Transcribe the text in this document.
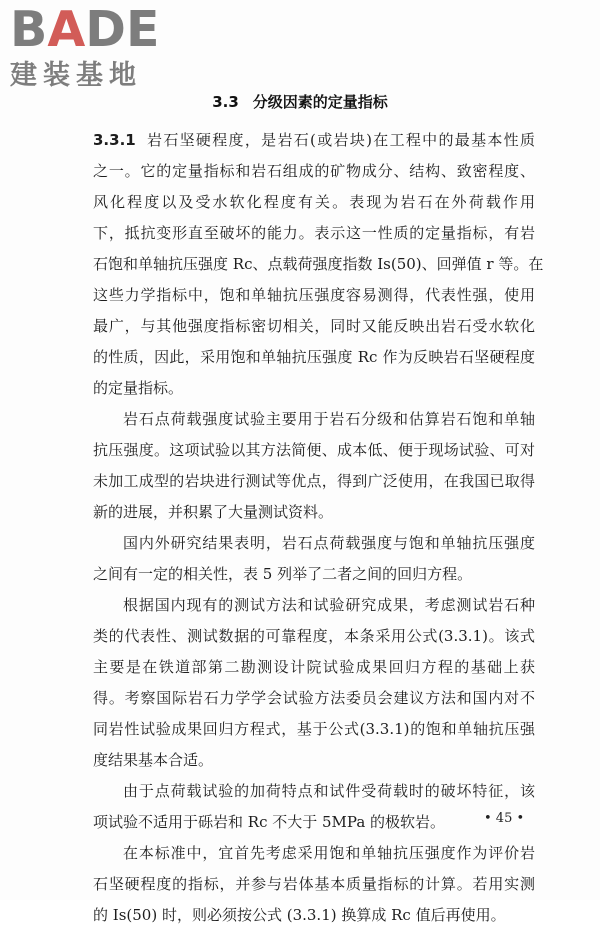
BADE
建装基地
3.3 分级因素的定量指标
3.3.1 岩石坚硬程度，是岩石(或岩块)在工程中的最基本性质
之一。它的定量指标和岩石组成的矿物成分、结构、致密程度、
风化程度以及受水软化程度有关。表现为岩石在外荷载作用
下，抵抗变形直至破坏的能力。表示这一性质的定量指标，有岩
石饱和单轴抗压强度 Rc、点载荷强度指数 Is(50)、回弹值 r 等。在
这些力学指标中，饱和单轴抗压强度容易测得，代表性强，使用
最广，与其他强度指标密切相关，同时又能反映出岩石受水软化
的性质，因此，采用饱和单轴抗压强度 Rc 作为反映岩石坚硬程度
的定量指标。
岩石点荷载强度试验主要用于岩石分级和估算岩石饱和单轴
抗压强度。这项试验以其方法简便、成本低、便于现场试验、可对
未加工成型的岩块进行测试等优点，得到广泛使用，在我国已取得
新的进展，并积累了大量测试资料。
国内外研究结果表明，岩石点荷载强度与饱和单轴抗压强度
之间有一定的相关性，表 5 列举了二者之间的回归方程。
根据国内现有的测试方法和试验研究成果，考虑测试岩石种
类的代表性、测试数据的可靠程度，本条采用公式(3.3.1)。该式
主要是在铁道部第二勘测设计院试验成果回归方程的基础上获
得。考察国际岩石力学学会试验方法委员会建议方法和国内对不
同岩性试验成果回归方程式，基于公式(3.3.1)的饱和单轴抗压强
度结果基本合适。
由于点荷载试验的加荷特点和试件受荷载时的破坏特征，该
项试验不适用于砾岩和 Rc 不大于 5MPa 的极软岩。
在本标准中，宜首先考虑采用饱和单轴抗压强度作为评价岩
石坚硬程度的指标，并参与岩体基本质量指标的计算。若用实测
的 Is(50) 时，则必须按公式 (3.3.1) 换算成 Rc 值后再使用。
• 45 •
